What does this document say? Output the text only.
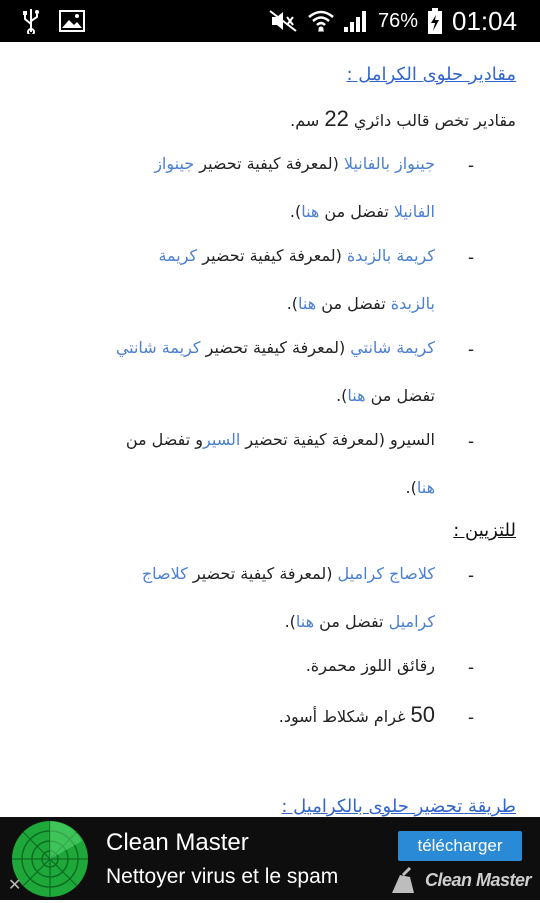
76% 01:04
مقادير حلوى الكرامل :
مقادير تخص قالب دائري 22 سم.
-
جينواز بالفانيلا (لمعرفة كيفية تحضير جينواز
الفانيلا تفضل من هنا).
-
كريمة بالزبدة (لمعرفة كيفية تحضير كريمة
بالزبدة تفضل من هنا).
-
كريمة شانتي (لمعرفة كيفية تحضير كريمة شانتي
تفضل من هنا).
-
السيرو (لمعرفة كيفية تحضير السيرو تفضل من
هنا).
للتزيين :
-
كلاصاج كراميل (لمعرفة كيفية تحضير كلاصاج
كراميل تفضل من هنا).
-
رقائق اللوز محمرة.
-
50 غرام شكلاط أسود.
طريقة تحضير حلوى بالكراميل :
✕
Clean Master
Nettoyer virus et le spam
télécharger
Clean Master
